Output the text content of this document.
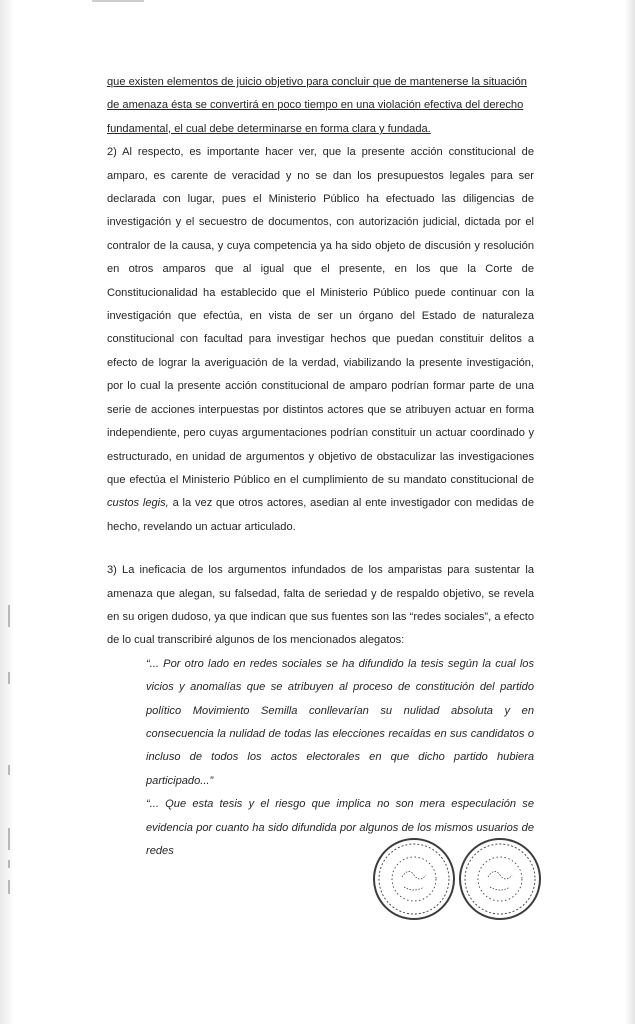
que existen elementos de juicio objetivo para concluir que de mantenerse la situación

de amenaza ésta se convertirá en poco tiempo en una violación efectiva del derecho

fundamental, el cual debe determinarse en forma clara y fundada.

2) Al respecto, es importante hacer ver, que la presente acción constitucional de amparo, es carente de veracidad y no se dan los presupuestos legales para ser declarada con lugar, pues el Ministerio Público ha efectuado las diligencias de investigación y el secuestro de documentos, con autorización judicial, dictada por el contralor de la causa, y cuya competencia ya ha sido objeto de discusión y resolución en otros amparos que al igual que el presente, en los que la Corte de Constitucionalidad ha establecido que el Ministerio Público puede continuar con la investigación que efectúa, en vista de ser un órgano del Estado de naturaleza constitucional con facultad para investigar hechos que puedan constituir delitos a efecto de lograr la averiguación de la verdad, viabilizando la presente investigación, por lo cual la presente acción constitucional de amparo podrían formar parte de una serie de acciones interpuestas por distintos actores que se atribuyen actuar en forma independiente, pero cuyas argumentaciones podrían constituir un actuar coordinado y estructurado, en unidad de argumentos y objetivo de obstaculizar las investigaciones que efectúa el Ministerio Público en el cumplimiento de su mandato constitucional de custos legis, a la vez que otros actores, asedian al ente investigador con medidas de hecho, revelando un actuar articulado.

3) La ineficacia de los argumentos infundados de los amparistas para sustentar la amenaza que alegan, su falsedad, falta de seriedad y de respaldo objetivo, se revela en su origen dudoso, ya que indican que sus fuentes son las “redes sociales”, a efecto de lo cual transcribiré algunos de los mencionados alegatos:

“... Por otro lado en redes sociales se ha difundido la tesis según la cual los vicios y anomalías que se atribuyen al proceso de constitución del partido político Movimiento Semilla conllevarían su nulidad absoluta y en consecuencia la nulidad de todas las elecciones recaídas en sus candidatos o incluso de todos los actos electorales en que dicho partido hubiera participado...”

“... Que esta tesis y el riesgo que implica no son mera especulación se evidencia por cuanto ha sido difundida por algunos de los mismos usuarios de redes
